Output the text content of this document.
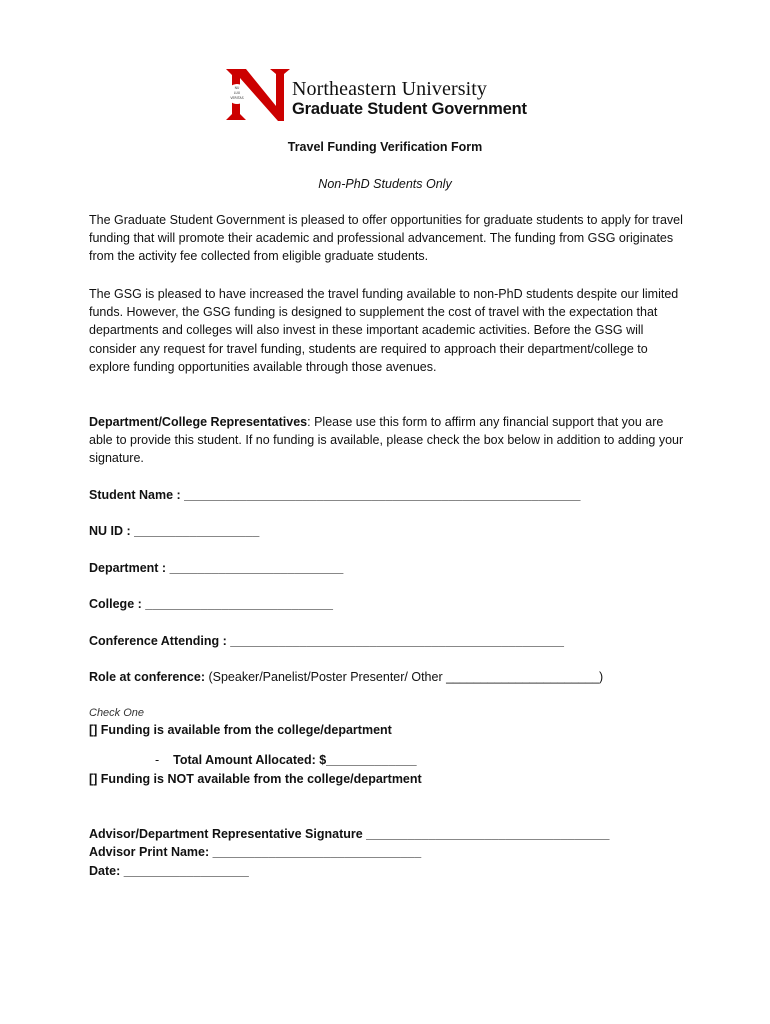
NU
LUX
VERITAS Northeastern University
Graduate Student Government
Travel Funding Verification Form
Non-PhD Students Only

The Graduate Student Government is pleased to offer opportunities for graduate students to apply for travel funding that will promote their academic and professional advancement. The funding from GSG originates from the activity fee collected from eligible graduate students.

The GSG is pleased to have increased the travel funding available to non-PhD students despite our limited funds. However, the GSG funding is designed to supplement the cost of travel with the expectation that departments and colleges will also invest in these important academic activities. Before the GSG will consider any request for travel funding, students are required to approach their department/college to explore funding opportunities available through those avenues.

Department/College Representatives: Please use this form to affirm any financial support that you are able to provide this student. If no funding is available, please check the box below in addition to adding your signature.

Student Name : _________________________________________________________
NU ID : __________________
Department : _________________________
College : ___________________________
Conference Attending : ________________________________________________
Role at conference: (Speaker/Panelist/Poster Presenter/ Other ______________________)
Check One
[] Funding is available from the college/department
- Total Amount Allocated: $_____________
[] Funding is NOT available from the college/department
Advisor/Department Representative Signature ___________________________________
Advisor Print Name: ______________________________
Date: __________________
